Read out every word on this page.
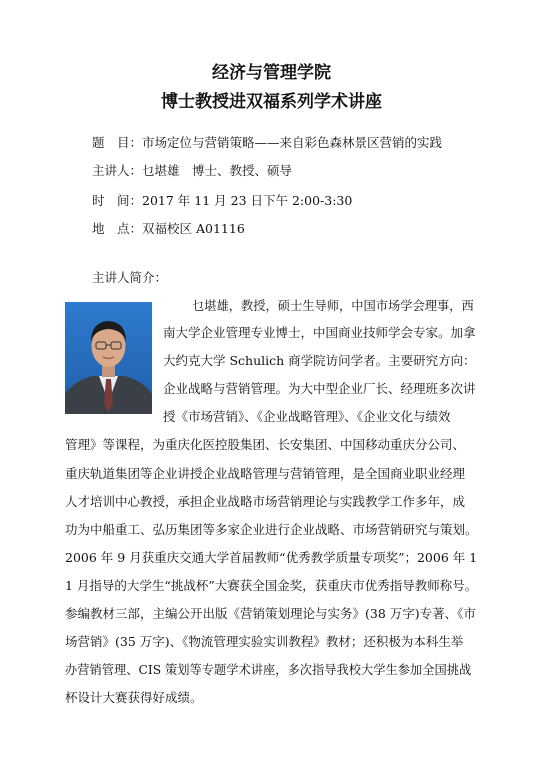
经济与管理学院
博士教授进双福系列学术讲座
题　目：市场定位与营销策略——来自彩色森林景区营销的实践
主讲人：乜堪雄　博士、教授、硕导
时　间：2017 年 11 月 23 日下午 2:00-3:30
地　点：双福校区 A01116
主讲人简介：
乜堪雄，教授，硕士生导师，中国市场学会理事，西
南大学企业管理专业博士，中国商业技师学会专家。加拿
大约克大学 Schulich 商学院访问学者。主要研究方向：
企业战略与营销管理。为大中型企业厂长、经理班多次讲
授《市场营销》、《企业战略管理》、《企业文化与绩效
管理》等课程，为重庆化医控股集团、长安集团、中国移动重庆分公司、
重庆轨道集团等企业讲授企业战略管理与营销管理，是全国商业职业经理
人才培训中心教授，承担企业战略市场营销理论与实践教学工作多年，成
功为中船重工、弘历集团等多家企业进行企业战略、市场营销研究与策划。
2006 年 9 月获重庆交通大学首届教师“优秀教学质量专项奖”；2006 年 1
1 月指导的大学生“挑战杯”大赛获全国金奖，获重庆市优秀指导教师称号。
参编教材三部，主编公开出版《营销策划理论与实务》(38 万字)专著、《市
场营销》(35 万字)、《物流管理实验实训教程》教材；还积极为本科生举
办营销管理、CIS 策划等专题学术讲座，多次指导我校大学生参加全国挑战
杯设计大赛获得好成绩。
